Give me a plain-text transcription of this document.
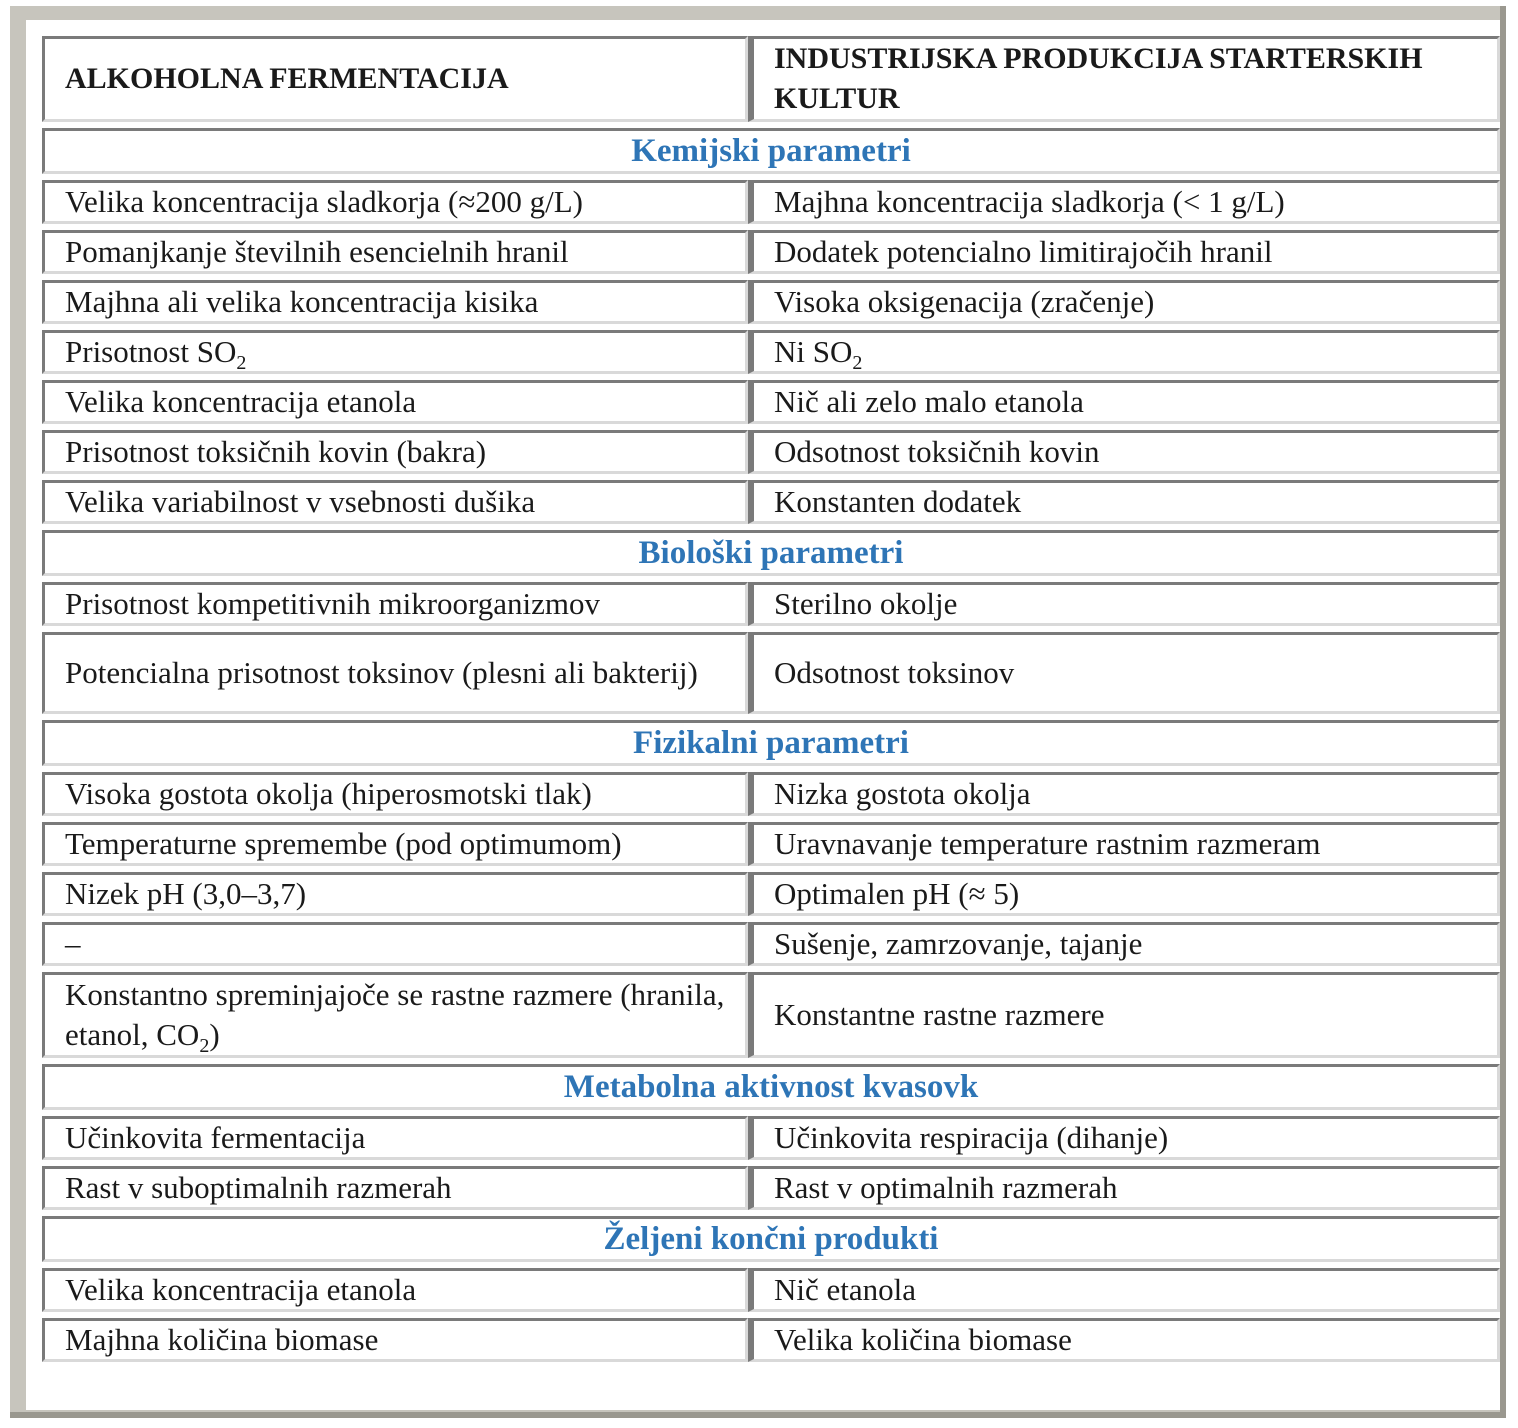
ALKOHOLNA FERMENTACIJA	INDUSTRIJSKA PRODUKCIJA STARTERSKIH KULTUR
Kemijski parametri	
Velika koncentracija sladkorja (≈200 g/L)	Majhna koncentracija sladkorja (< 1 g/L)
Pomanjkanje številnih esencielnih hranil	Dodatek potencialno limitirajočih hranil
Majhna ali velika koncentracija kisika	Visoka oksigenacija (zračenje)
Prisotnost $SO_2$	Ni $SO_2$
Velika koncentracija etanola	Nič ali zelo malo etanola
Prisotnost toksičnih kovin (bakra)	Odsotnost toksičnih kovin
Velika variabilnost v vsebnosti dušika	Konstanten dodatek
Biološki parametri	
Prisotnost kompetitivnih mikroorganizmov	Sterilno okolje
Potencialna prisotnost toksinov (plesni ali bakterij)	Odsotnost toksinov
Fizikalni parametri	
Visoka gostota okolja (hiperosmotski tlak)	Nizka gostota okolja
Temperaturne spremembe (pod optimumom)	Uravnavanje temperature rastnim razmeram
Nizek pH (3,0–3,7)	Optimalen pH (≈ 5)
–	Sušenje, zamrzovanje, tajanje
Konstantno spreminjajoče se rastne razmere (hranila, etanol, $CO_2$)	Konstantne rastne razmere
Metabolna aktivnost kvasovk	
Učinkovita fermentacija	Učinkovita respiracija (dihanje)
Rast v suboptimalnih razmerah	Rast v optimalnih razmerah
Željeni končni produkti	
Velika koncentracija etanola	Nič etanola
Majhna količina biomase	Velika količina biomase
